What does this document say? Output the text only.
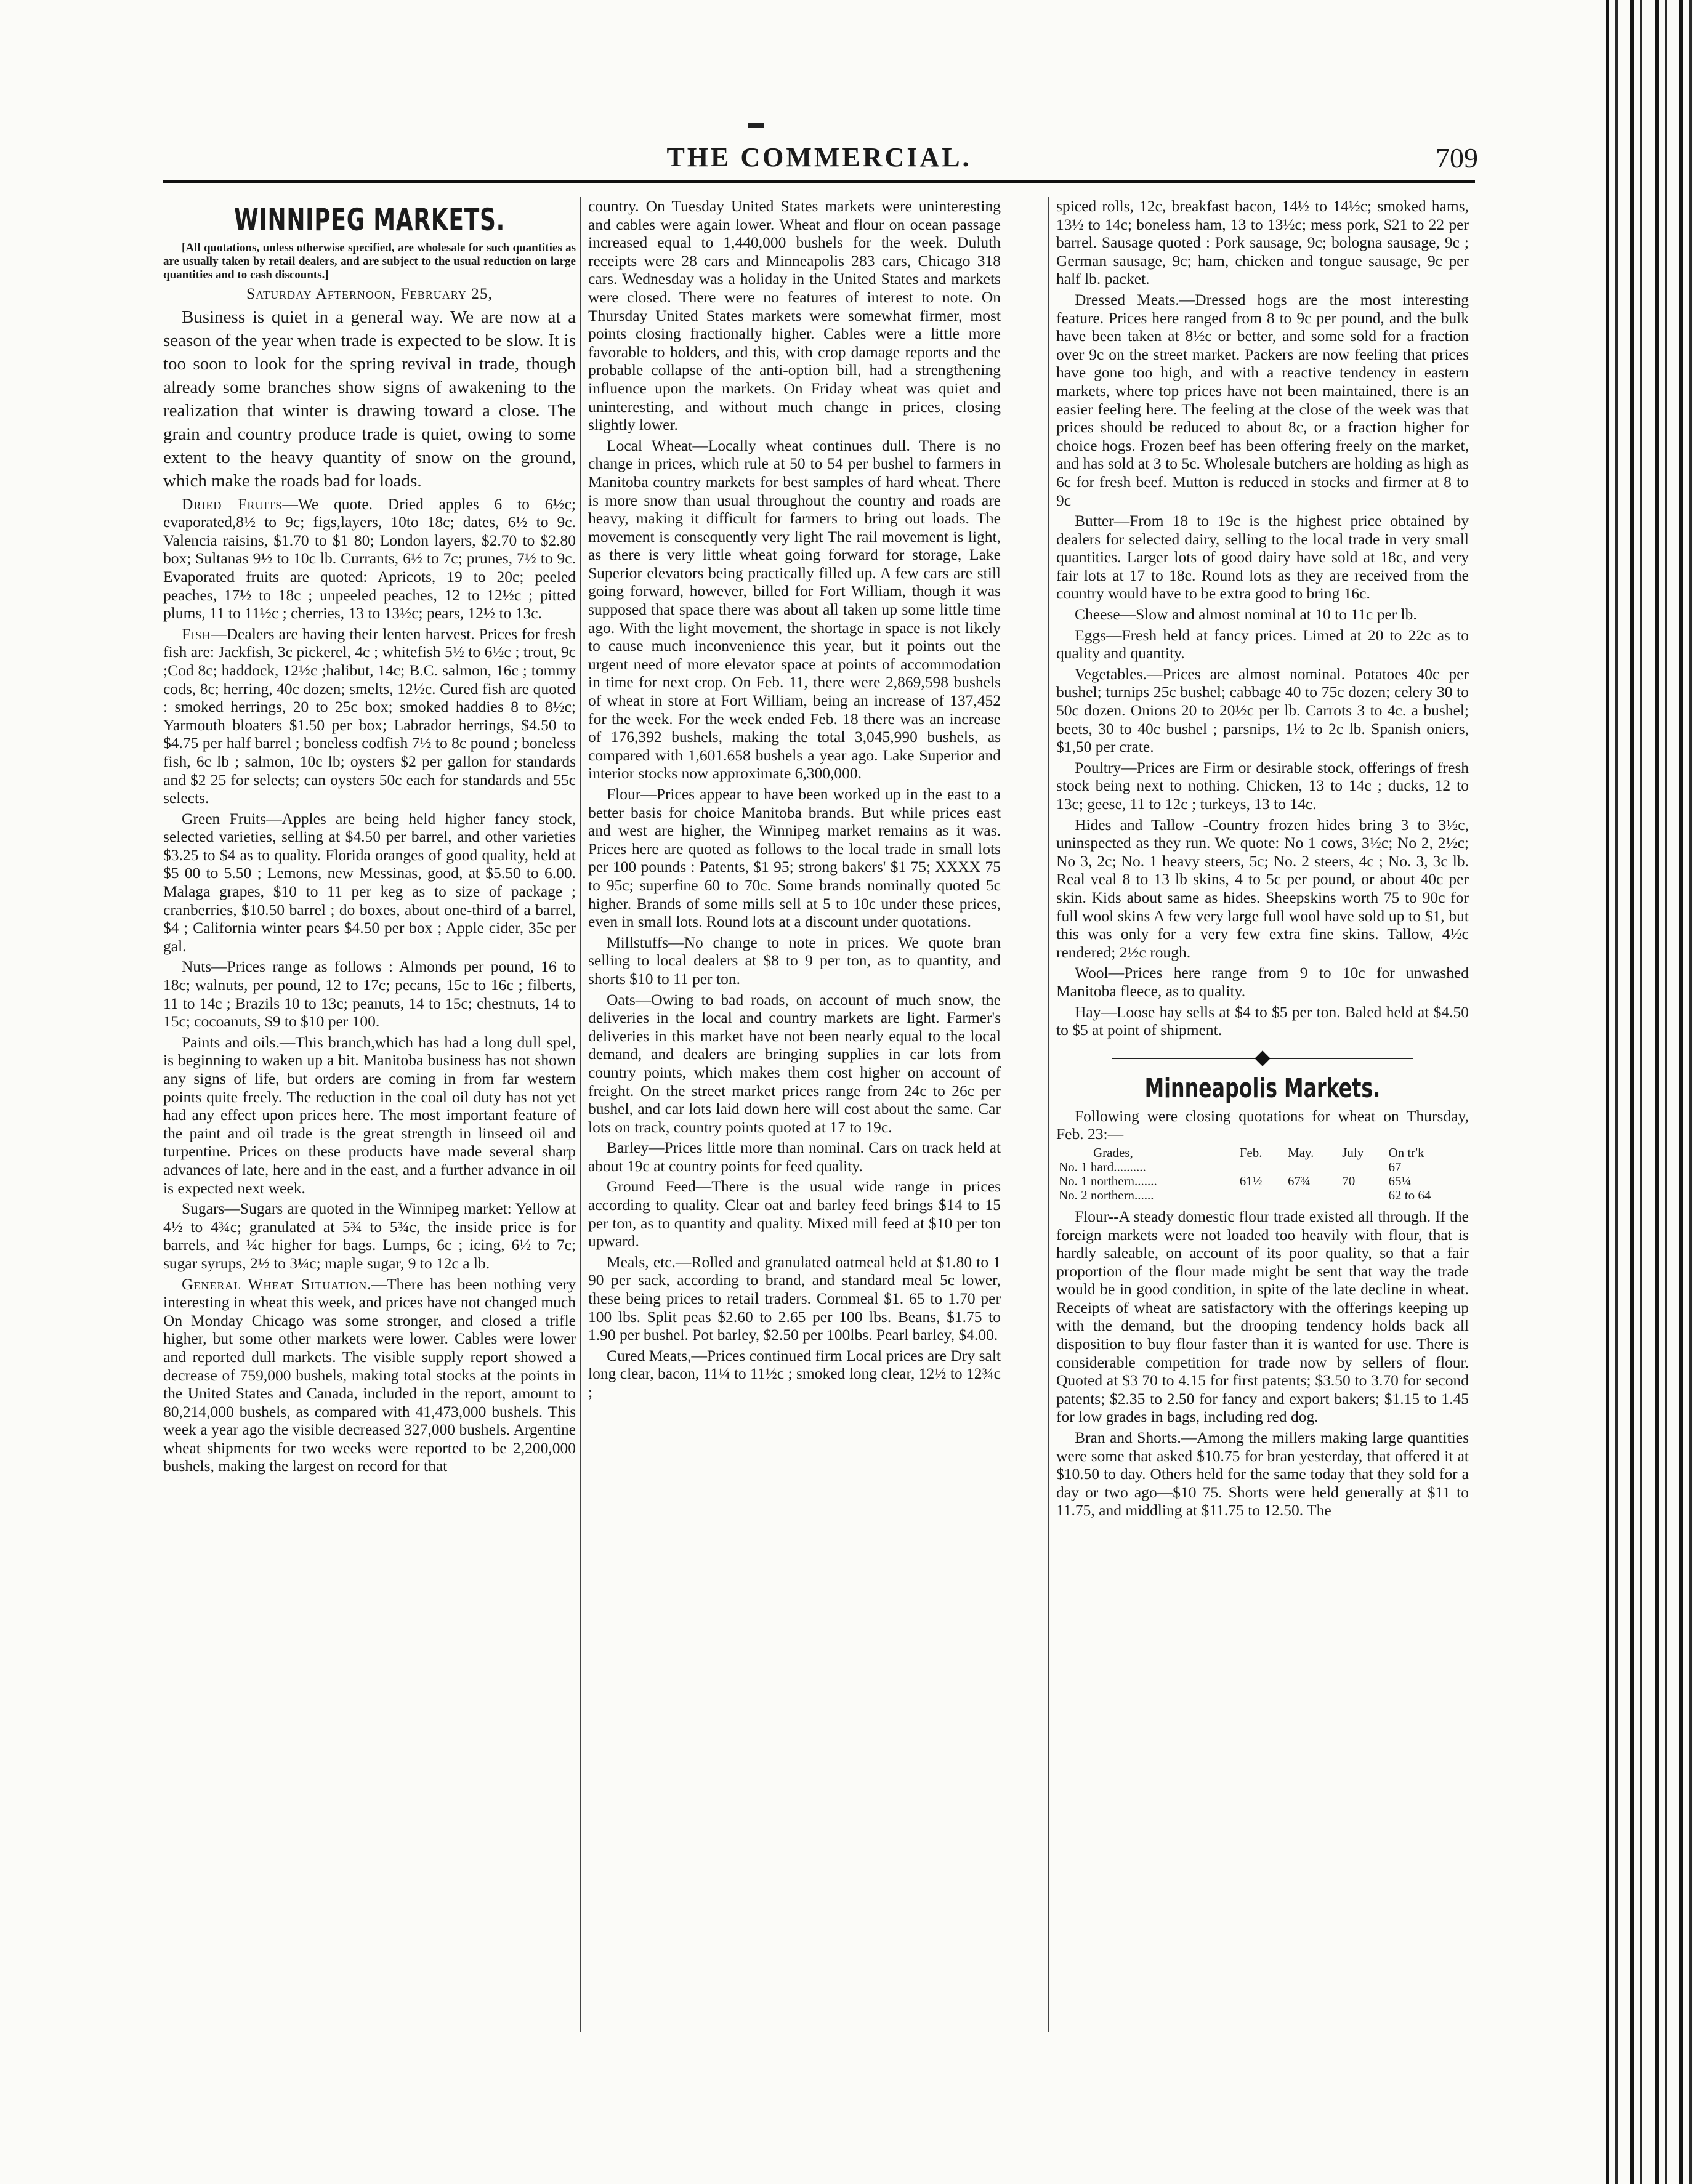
THE COMMERCIAL.	709
WINNIPEG MARKETS.

[All quotations, unless otherwise specified, are wholesale for such quantities as are usually taken by retail dealers, and are subject to the usual reduction on large quantities and to cash discounts.]

Saturday Afternoon, February 25,

Business is quiet in a general way. We are now at a season of the year when trade is expected to be slow. It is too soon to look for the spring revival in trade, though already some branches show signs of awakening to the realization that winter is drawing toward a close. The grain and country produce trade is quiet, owing to some extent to the heavy quantity of snow on the ground, which make the roads bad for loads.

Dried Fruits—We quote. Dried apples 6 to 6½c; evaporated,8½ to 9c; figs,layers, 10to 18c; dates, 6½ to 9c. Valencia raisins, $1.70 to $1 80; London layers, $2.70 to $2.80 box; Sultanas 9½ to 10c lb. Currants, 6½ to 7c; prunes, 7½ to 9c. Evaporated fruits are quoted: Apricots, 19 to 20c; peeled peaches, 17½ to 18c ; unpeeled peaches, 12 to 12½c ; pitted plums, 11 to 11½c ; cherries, 13 to 13½c; pears, 12½ to 13c.

Fish—Dealers are having their lenten harvest. Prices for fresh fish are: Jackfish, 3c pickerel, 4c ; whitefish 5½ to 6½c ; trout, 9c ;Cod 8c; haddock, 12½c ;halibut, 14c; B.C. salmon, 16c ; tommy cods, 8c; herring, 40c dozen; smelts, 12½c. Cured fish are quoted : smoked herrings, 20 to 25c box; smoked haddies 8 to 8½c; Yarmouth bloaters $1.50 per box; Labrador herrings, $4.50 to $4.75 per half barrel ; boneless codfish 7½ to 8c pound ; boneless fish, 6c lb ; salmon, 10c lb; oysters $2 per gallon for standards and $2 25 for selects; can oysters 50c each for standards and 55c selects.

Green Fruits—Apples are being held higher fancy stock, selected varieties, selling at $4.50 per barrel, and other varieties $3.25 to $4 as to quality. Florida oranges of good quality, held at $5 00 to 5.50 ; Lemons, new Messinas, good, at $5.50 to 6.00. Malaga grapes, $10 to 11 per keg as to size of package ; cranberries, $10.50 barrel ; do boxes, about one-third of a barrel, $4 ; California winter pears $4.50 per box ; Apple cider, 35c per gal.

Nuts—Prices range as follows : Almonds per pound, 16 to 18c; walnuts, per pound, 12 to 17c; pecans, 15c to 16c ; filberts, 11 to 14c ; Brazils 10 to 13c; peanuts, 14 to 15c; chestnuts, 14 to 15c; cocoanuts, $9 to $10 per 100.

Paints and oils.—This branch,which has had a long dull spel, is beginning to waken up a bit. Manitoba business has not shown any signs of life, but orders are coming in from far western points quite freely. The reduction in the coal oil duty has not yet had any effect upon prices here. The most important feature of the paint and oil trade is the great strength in linseed oil and turpentine. Prices on these products have made several sharp advances of late, here and in the east, and a further advance in oil is expected next week.

Sugars—Sugars are quoted in the Winnipeg market: Yellow at 4½ to 4¾c; granulated at 5¾ to 5¾c, the inside price is for barrels, and ¼c higher for bags. Lumps, 6c ; icing, 6½ to 7c; sugar syrups, 2½ to 3¼c; maple sugar, 9 to 12c a lb.

General Wheat Situation.—There has been nothing very interesting in wheat this week, and prices have not changed much On Monday Chicago was some stronger, and closed a trifle higher, but some other markets were lower. Cables were lower and reported dull markets. The visible supply report showed a decrease of 759,000 bushels, making total stocks at the points in the United States and Canada, included in the report, amount to 80,214,000 bushels, as compared with 41,473,000 bushels. This week a year ago the visible decreased 327,000 bushels. Argentine wheat shipments for two weeks were reported to be 2,200,000 bushels, making the largest on record for that

country. On Tuesday United States markets were uninteresting and cables were again lower. Wheat and flour on ocean passage increased equal to 1,440,000 bushels for the week. Duluth receipts were 28 cars and Minneapolis 283 cars, Chicago 318 cars. Wednesday was a holiday in the United States and markets were closed. There were no features of interest to note. On Thursday United States markets were somewhat firmer, most points closing fractionally higher. Cables were a little more favorable to holders, and this, with crop damage reports and the probable collapse of the anti-option bill, had a strengthening influence upon the markets. On Friday wheat was quiet and uninteresting, and without much change in prices, closing slightly lower.

Local Wheat—Locally wheat continues dull. There is no change in prices, which rule at 50 to 54 per bushel to farmers in Manitoba country markets for best samples of hard wheat. There is more snow than usual throughout the country and roads are heavy, making it difficult for farmers to bring out loads. The movement is consequently very light The rail movement is light, as there is very little wheat going forward for storage, Lake Superior elevators being practically filled up. A few cars are still going forward, however, billed for Fort William, though it was supposed that space there was about all taken up some little time ago. With the light movement, the shortage in space is not likely to cause much inconvenience this year, but it points out the urgent need of more elevator space at points of accommodation in time for next crop. On Feb. 11, there were 2,869,598 bushels of wheat in store at Fort William, being an increase of 137,452 for the week. For the week ended Feb. 18 there was an increase of 176,392 bushels, making the total 3,045,990 bushels, as compared with 1,601.658 bushels a year ago. Lake Superior and interior stocks now approximate 6,300,000.

Flour—Prices appear to have been worked up in the east to a better basis for choice Manitoba brands. But while prices east and west are higher, the Winnipeg market remains as it was. Prices here are quoted as follows to the local trade in small lots per 100 pounds : Patents, $1 95; strong bakers' $1 75; XXXX 75 to 95c; superfine 60 to 70c. Some brands nominally quoted 5c higher. Brands of some mills sell at 5 to 10c under these prices, even in small lots. Round lots at a discount under quotations.

Millstuffs—No change to note in prices. We quote bran selling to local dealers at $8 to 9 per ton, as to quantity, and shorts $10 to 11 per ton.

Oats—Owing to bad roads, on account of much snow, the deliveries in the local and country markets are light. Farmer's deliveries in this market have not been nearly equal to the local demand, and dealers are bringing supplies in car lots from country points, which makes them cost higher on account of freight. On the street market prices range from 24c to 26c per bushel, and car lots laid down here will cost about the same. Car lots on track, country points quoted at 17 to 19c.

Barley—Prices little more than nominal. Cars on track held at about 19c at country points for feed quality.

Ground Feed—There is the usual wide range in prices according to quality. Clear oat and barley feed brings $14 to 15 per ton, as to quantity and quality. Mixed mill feed at $10 per ton upward.

Meals, etc.—Rolled and granulated oatmeal held at $1.80 to 1 90 per sack, according to brand, and standard meal 5c lower, these being prices to retail traders. Cornmeal $1. 65 to 1.70 per 100 lbs. Split peas $2.60 to 2.65 per 100 lbs. Beans, $1.75 to 1.90 per bushel. Pot barley, $2.50 per 100lbs. Pearl barley, $4.00.

Cured Meats,—Prices continued firm Local prices are Dry salt long clear, bacon, 11¼ to 11½c ; smoked long clear, 12½ to 12¾c ;

spiced rolls, 12c, breakfast bacon, 14½ to 14½c; smoked hams, 13½ to 14c; boneless ham, 13 to 13½c; mess pork, $21 to 22 per barrel. Sausage quoted : Pork sausage, 9c; bologna sausage, 9c ; German sausage, 9c; ham, chicken and tongue sausage, 9c per half lb. packet.

Dressed Meats.—Dressed hogs are the most interesting feature. Prices here ranged from 8 to 9c per pound, and the bulk have been taken at 8½c or better, and some sold for a fraction over 9c on the street market. Packers are now feeling that prices have gone too high, and with a reactive tendency in eastern markets, where top prices have not been maintained, there is an easier feeling here. The feeling at the close of the week was that prices should be reduced to about 8c, or a fraction higher for choice hogs. Frozen beef has been offering freely on the market, and has sold at 3 to 5c. Wholesale butchers are holding as high as 6c for fresh beef. Mutton is reduced in stocks and firmer at 8 to 9c

Butter—From 18 to 19c is the highest price obtained by dealers for selected dairy, selling to the local trade in very small quantities. Larger lots of good dairy have sold at 18c, and very fair lots at 17 to 18c. Round lots as they are received from the country would have to be extra good to bring 16c.

Cheese—Slow and almost nominal at 10 to 11c per lb.

Eggs—Fresh held at fancy prices. Limed at 20 to 22c as to quality and quantity.

Vegetables.—Prices are almost nominal. Potatoes 40c per bushel; turnips 25c bushel; cabbage 40 to 75c dozen; celery 30 to 50c dozen. Onions 20 to 20½c per lb. Carrots 3 to 4c. a bushel; beets, 30 to 40c bushel ; parsnips, 1½ to 2c lb. Spanish oniers, $1,50 per crate.

Poultry—Prices are Firm or desirable stock, offerings of fresh stock being next to nothing. Chicken, 13 to 14c ; ducks, 12 to 13c; geese, 11 to 12c ; turkeys, 13 to 14c.

Hides and Tallow -Country frozen hides bring 3 to 3½c, uninspected as they run. We quote: No 1 cows, 3½c; No 2, 2½c; No 3, 2c; No. 1 heavy steers, 5c; No. 2 steers, 4c ; No. 3, 3c lb. Real veal 8 to 13 lb skins, 4 to 5c per pound, or about 40c per skin. Kids about same as hides. Sheepskins worth 75 to 90c for full wool skins A few very large full wool have sold up to $1, but this was only for a very few extra fine skins. Tallow, 4½c rendered; 2½c rough.

Wool—Prices here range from 9 to 10c for unwashed Manitoba fleece, as to quality.

Hay—Loose hay sells at $4 to $5 per ton. Baled held at $4.50 to $5 at point of shipment.

Minneapolis Markets.

Following were closing quotations for wheat on Thursday, Feb. 23:—

Grades,	Feb.	May.	July	On tr'k
No. 1 hard..........				67
No. 1 northern.......	61½	67¾	70	65¼
No. 2 northern......				62 to 64

Flour--A steady domestic flour trade existed all through. If the foreign markets were not loaded too heavily with flour, that is hardly saleable, on account of its poor quality, so that a fair proportion of the flour made might be sent that way the trade would be in good condition, in spite of the late decline in wheat. Receipts of wheat are satisfactory with the offerings keeping up with the demand, but the drooping tendency holds back all disposition to buy flour faster than it is wanted for use. There is considerable competition for trade now by sellers of flour. Quoted at $3 70 to 4.15 for first patents; $3.50 to 3.70 for second patents; $2.35 to 2.50 for fancy and export bakers; $1.15 to 1.45 for low grades in bags, including red dog.

Bran and Shorts.—Among the millers making large quantities were some that asked $10.75 for bran yesterday, that offered it at $10.50 to day. Others held for the same today that they sold for a day or two ago—$10 75. Shorts were held generally at $11 to 11.75, and middling at $11.75 to 12.50. The
